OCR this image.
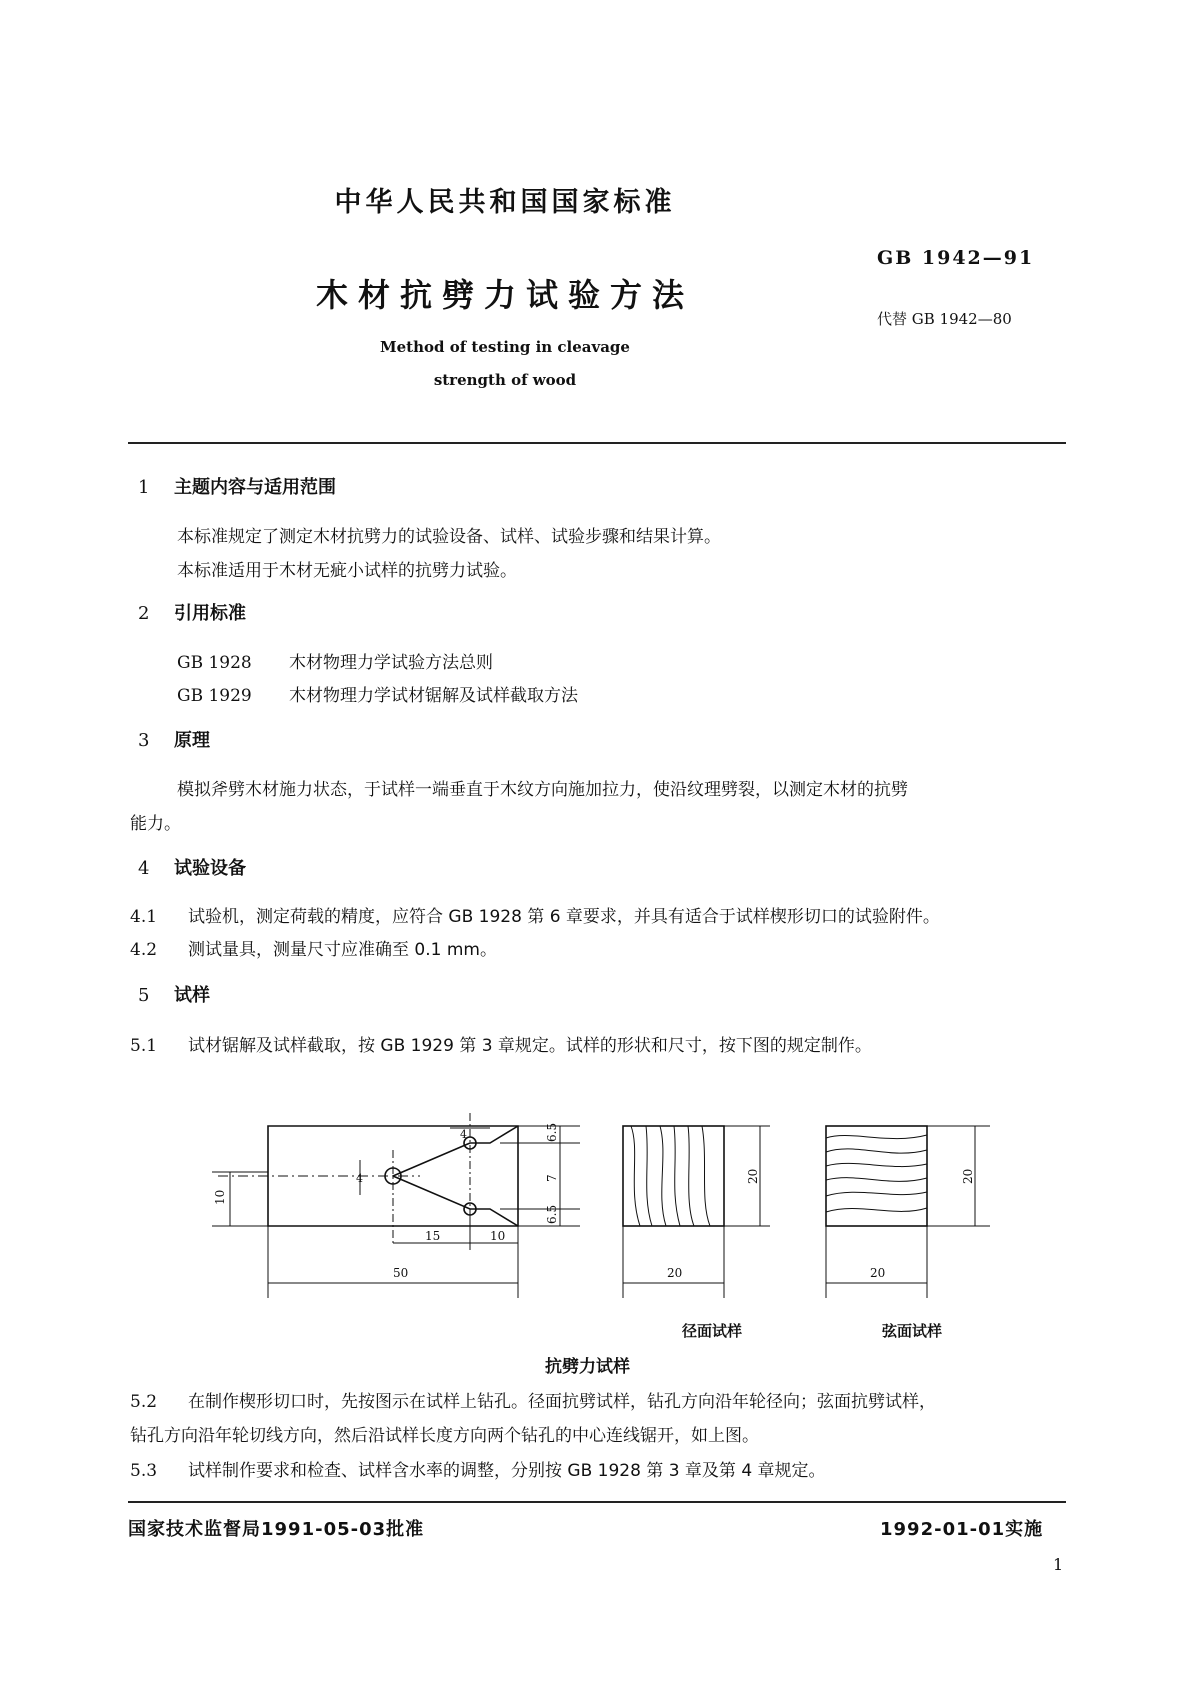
中华人民共和国国家标准
GB 1942—91
木材抗劈力试验方法
代替 GB 1942—80
Method of testing in cleavage
strength of wood
1 主题内容与适用范围
本标准规定了测定木材抗劈力的试验设备、试样、试验步骤和结果计算。
本标准适用于木材无疵小试样的抗劈力试验。
2 引用标准
GB 1928 木材物理力学试验方法总则
GB 1929 木材物理力学试材锯解及试样截取方法
3 原理
模拟斧劈木材施力状态，于试样一端垂直于木纹方向施加拉力，使沿纹理劈裂，以测定木材的抗劈
能力。
4 试验设备
4.1 试验机，测定荷载的精度，应符合 GB 1928 第 6 章要求，并具有适合于试样楔形切口的试验附件。
4.2 测试量具，测量尺寸应准确至 0.1 mm。
5 试样
5.1 试材锯解及试样截取，按 GB 1929 第 3 章规定。试样的形状和尺寸，按下图的规定制作。
50
15	10
10
4
4
6.5
7
6.5
20
20
20
20
径面试样	弦面试样
抗劈力试样
5.2 在制作楔形切口时，先按图示在试样上钻孔。径面抗劈试样，钻孔方向沿年轮径向；弦面抗劈试样，
钻孔方向沿年轮切线方向，然后沿试样长度方向两个钻孔的中心连线锯开，如上图。
5.3 试样制作要求和检查、试样含水率的调整，分别按 GB 1928 第 3 章及第 4 章规定。
国家技术监督局1991-05-03批准	1992-01-01实施
1
